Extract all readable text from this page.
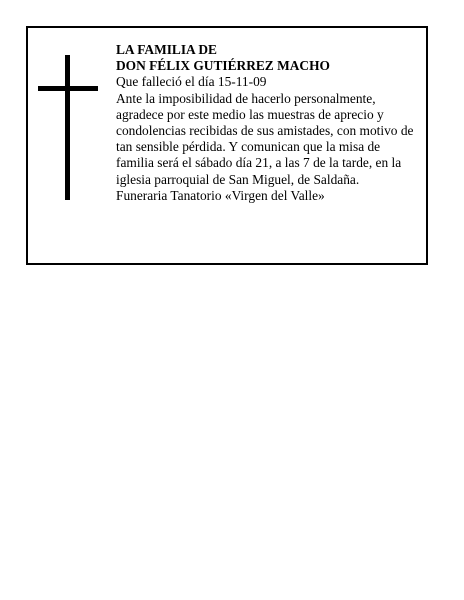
LA FAMILIA DE
DON FÉLIX GUTIÉRREZ MACHO
Que falleció el día 15-11-09
Ante la imposibilidad de hacerlo personalmente,
agradece por este medio las muestras de aprecio y
condolencias recibidas de sus amistades, con motivo de
tan sensible pérdida. Y comunican que la misa de
familia será el sábado día 21, a las 7 de la tarde, en la
iglesia parroquial de San Miguel, de Saldaña.
Funeraria Tanatorio «Virgen del Valle»
